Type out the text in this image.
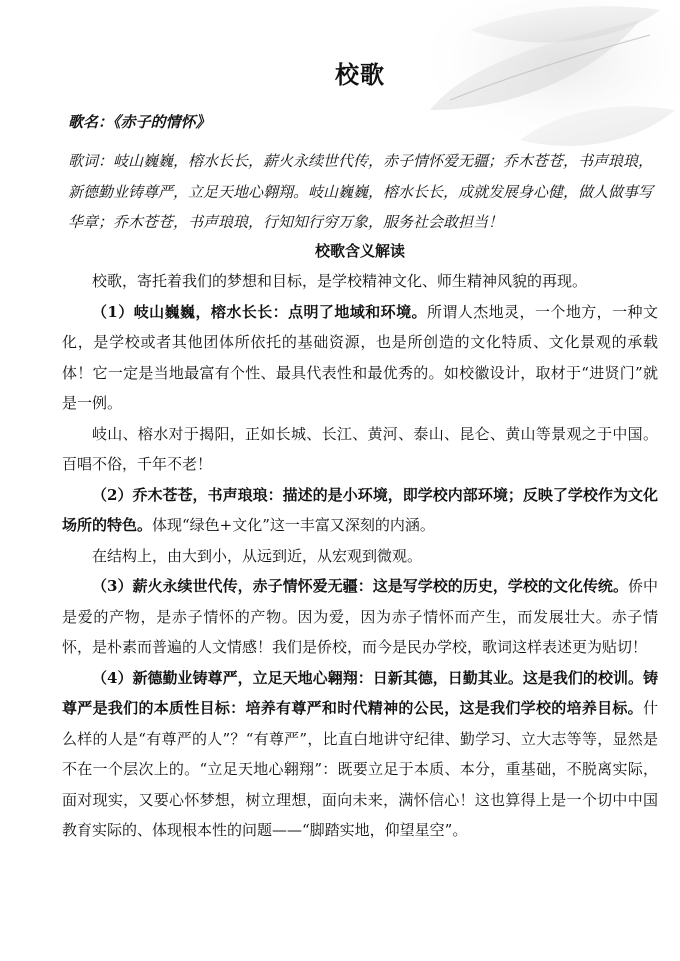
校歌
歌名：《赤子的情怀》
歌词：岐山巍巍，榕水长长，薪火永续世代传，赤子情怀爱无疆；乔木苍苍，书声琅琅，新德勤业铸尊严，立足天地心翱翔。岐山巍巍，榕水长长，成就发展身心健，做人做事写华章；乔木苍苍，书声琅琅，行知知行穷万象，服务社会敢担当！
校歌含义解读

校歌，寄托着我们的梦想和目标，是学校精神文化、师生精神风貌的再现。

（1）岐山巍巍，榕水长长：点明了地域和环境。所谓人杰地灵，一个地方，一种文化，是学校或者其他团体所依托的基础资源，也是所创造的文化特质、文化景观的承载体！它一定是当地最富有个性、最具代表性和最优秀的。如校徽设计，取材于“进贤门”就是一例。

岐山、榕水对于揭阳，正如长城、长江、黄河、泰山、昆仑、黄山等景观之于中国。百唱不俗，千年不老！

（2）乔木苍苍，书声琅琅：描述的是小环境，即学校内部环境；反映了学校作为文化场所的特色。体现“绿色+文化”这一丰富又深刻的内涵。

在结构上，由大到小，从远到近，从宏观到微观。

（3）薪火永续世代传，赤子情怀爱无疆：这是写学校的历史，学校的文化传统。侨中是爱的产物，是赤子情怀的产物。因为爱，因为赤子情怀而产生，而发展壮大。赤子情怀，是朴素而普遍的人文情感！我们是侨校，而今是民办学校，歌词这样表述更为贴切！

（4）新德勤业铸尊严，立足天地心翱翔：日新其德，日勤其业。这是我们的校训。铸尊严是我们的本质性目标：培养有尊严和时代精神的公民，这是我们学校的培养目标。什么样的人是“有尊严的人”？“有尊严”，比直白地讲守纪律、勤学习、立大志等等，显然是不在一个层次上的。“立足天地心翱翔”：既要立足于本质、本分，重基础，不脱离实际，面对现实，又要心怀梦想，树立理想，面向未来，满怀信心！这也算得上是一个切中中国教育实际的、体现根本性的问题——“脚踏实地，仰望星空”。
